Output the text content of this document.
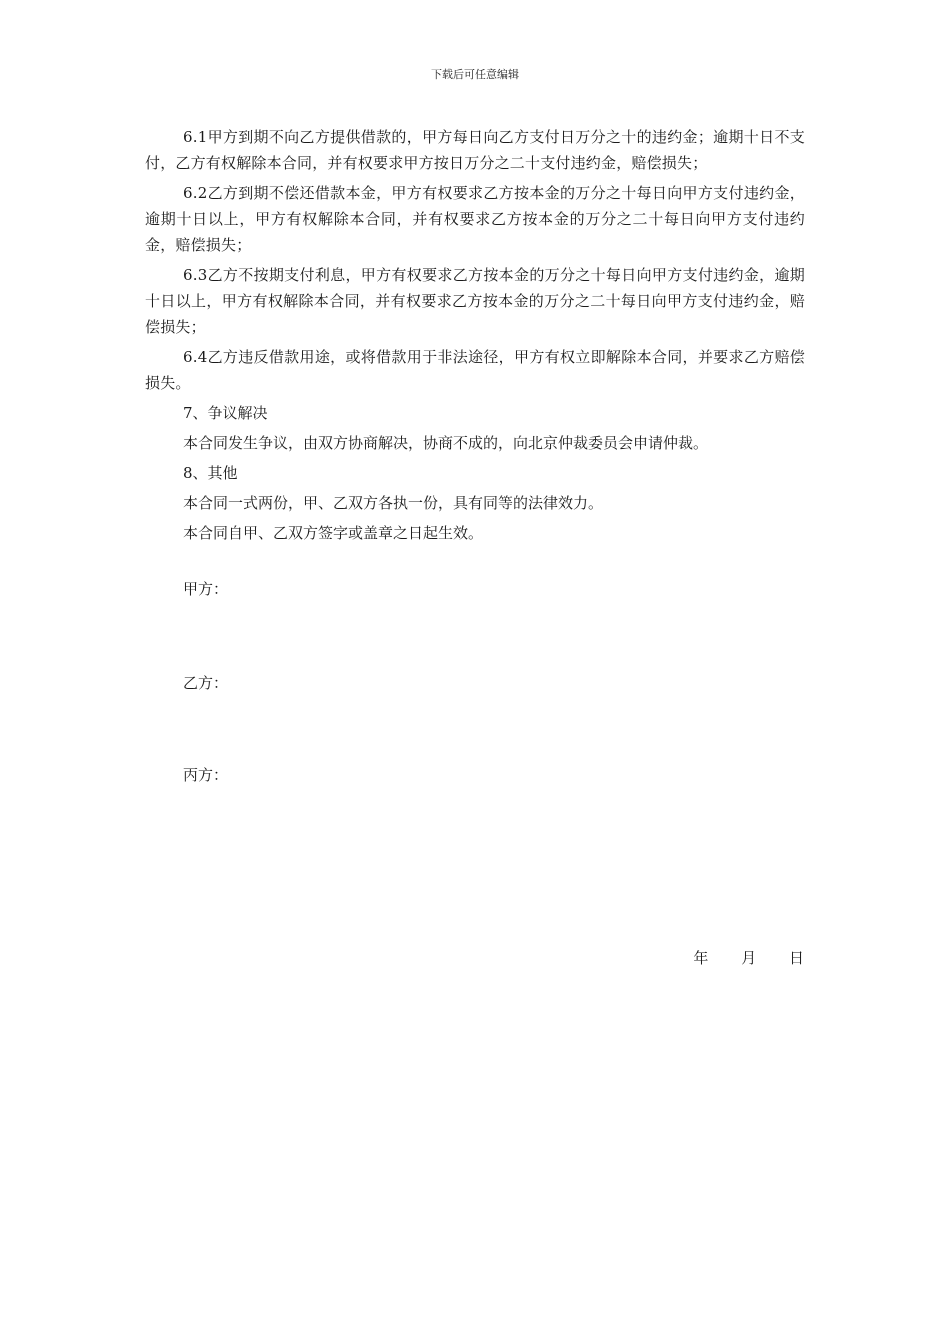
下载后可任意编辑

6.1甲方到期不向乙方提供借款的，甲方每日向乙方支付日万分之十的违约金；逾期十日不支付，乙方有权解除本合同，并有权要求甲方按日万分之二十支付违约金，赔偿损失；

6.2乙方到期不偿还借款本金，甲方有权要求乙方按本金的万分之十每日向甲方支付违约金，逾期十日以上，甲方有权解除本合同，并有权要求乙方按本金的万分之二十每日向甲方支付违约金，赔偿损失；

6.3乙方不按期支付利息，甲方有权要求乙方按本金的万分之十每日向甲方支付违约金，逾期十日以上，甲方有权解除本合同，并有权要求乙方按本金的万分之二十每日向甲方支付违约金，赔偿损失；

6.4乙方违反借款用途，或将借款用于非法途径，甲方有权立即解除本合同，并要求乙方赔偿损失。

7、争议解决

本合同发生争议，由双方协商解决，协商不成的，向北京仲裁委员会申请仲裁。

8、其他

本合同一式两份，甲、乙双方各执一份，具有同等的法律效力。

本合同自甲、乙双方签字或盖章之日起生效。

甲方：
乙方：
丙方：
年 月 日
